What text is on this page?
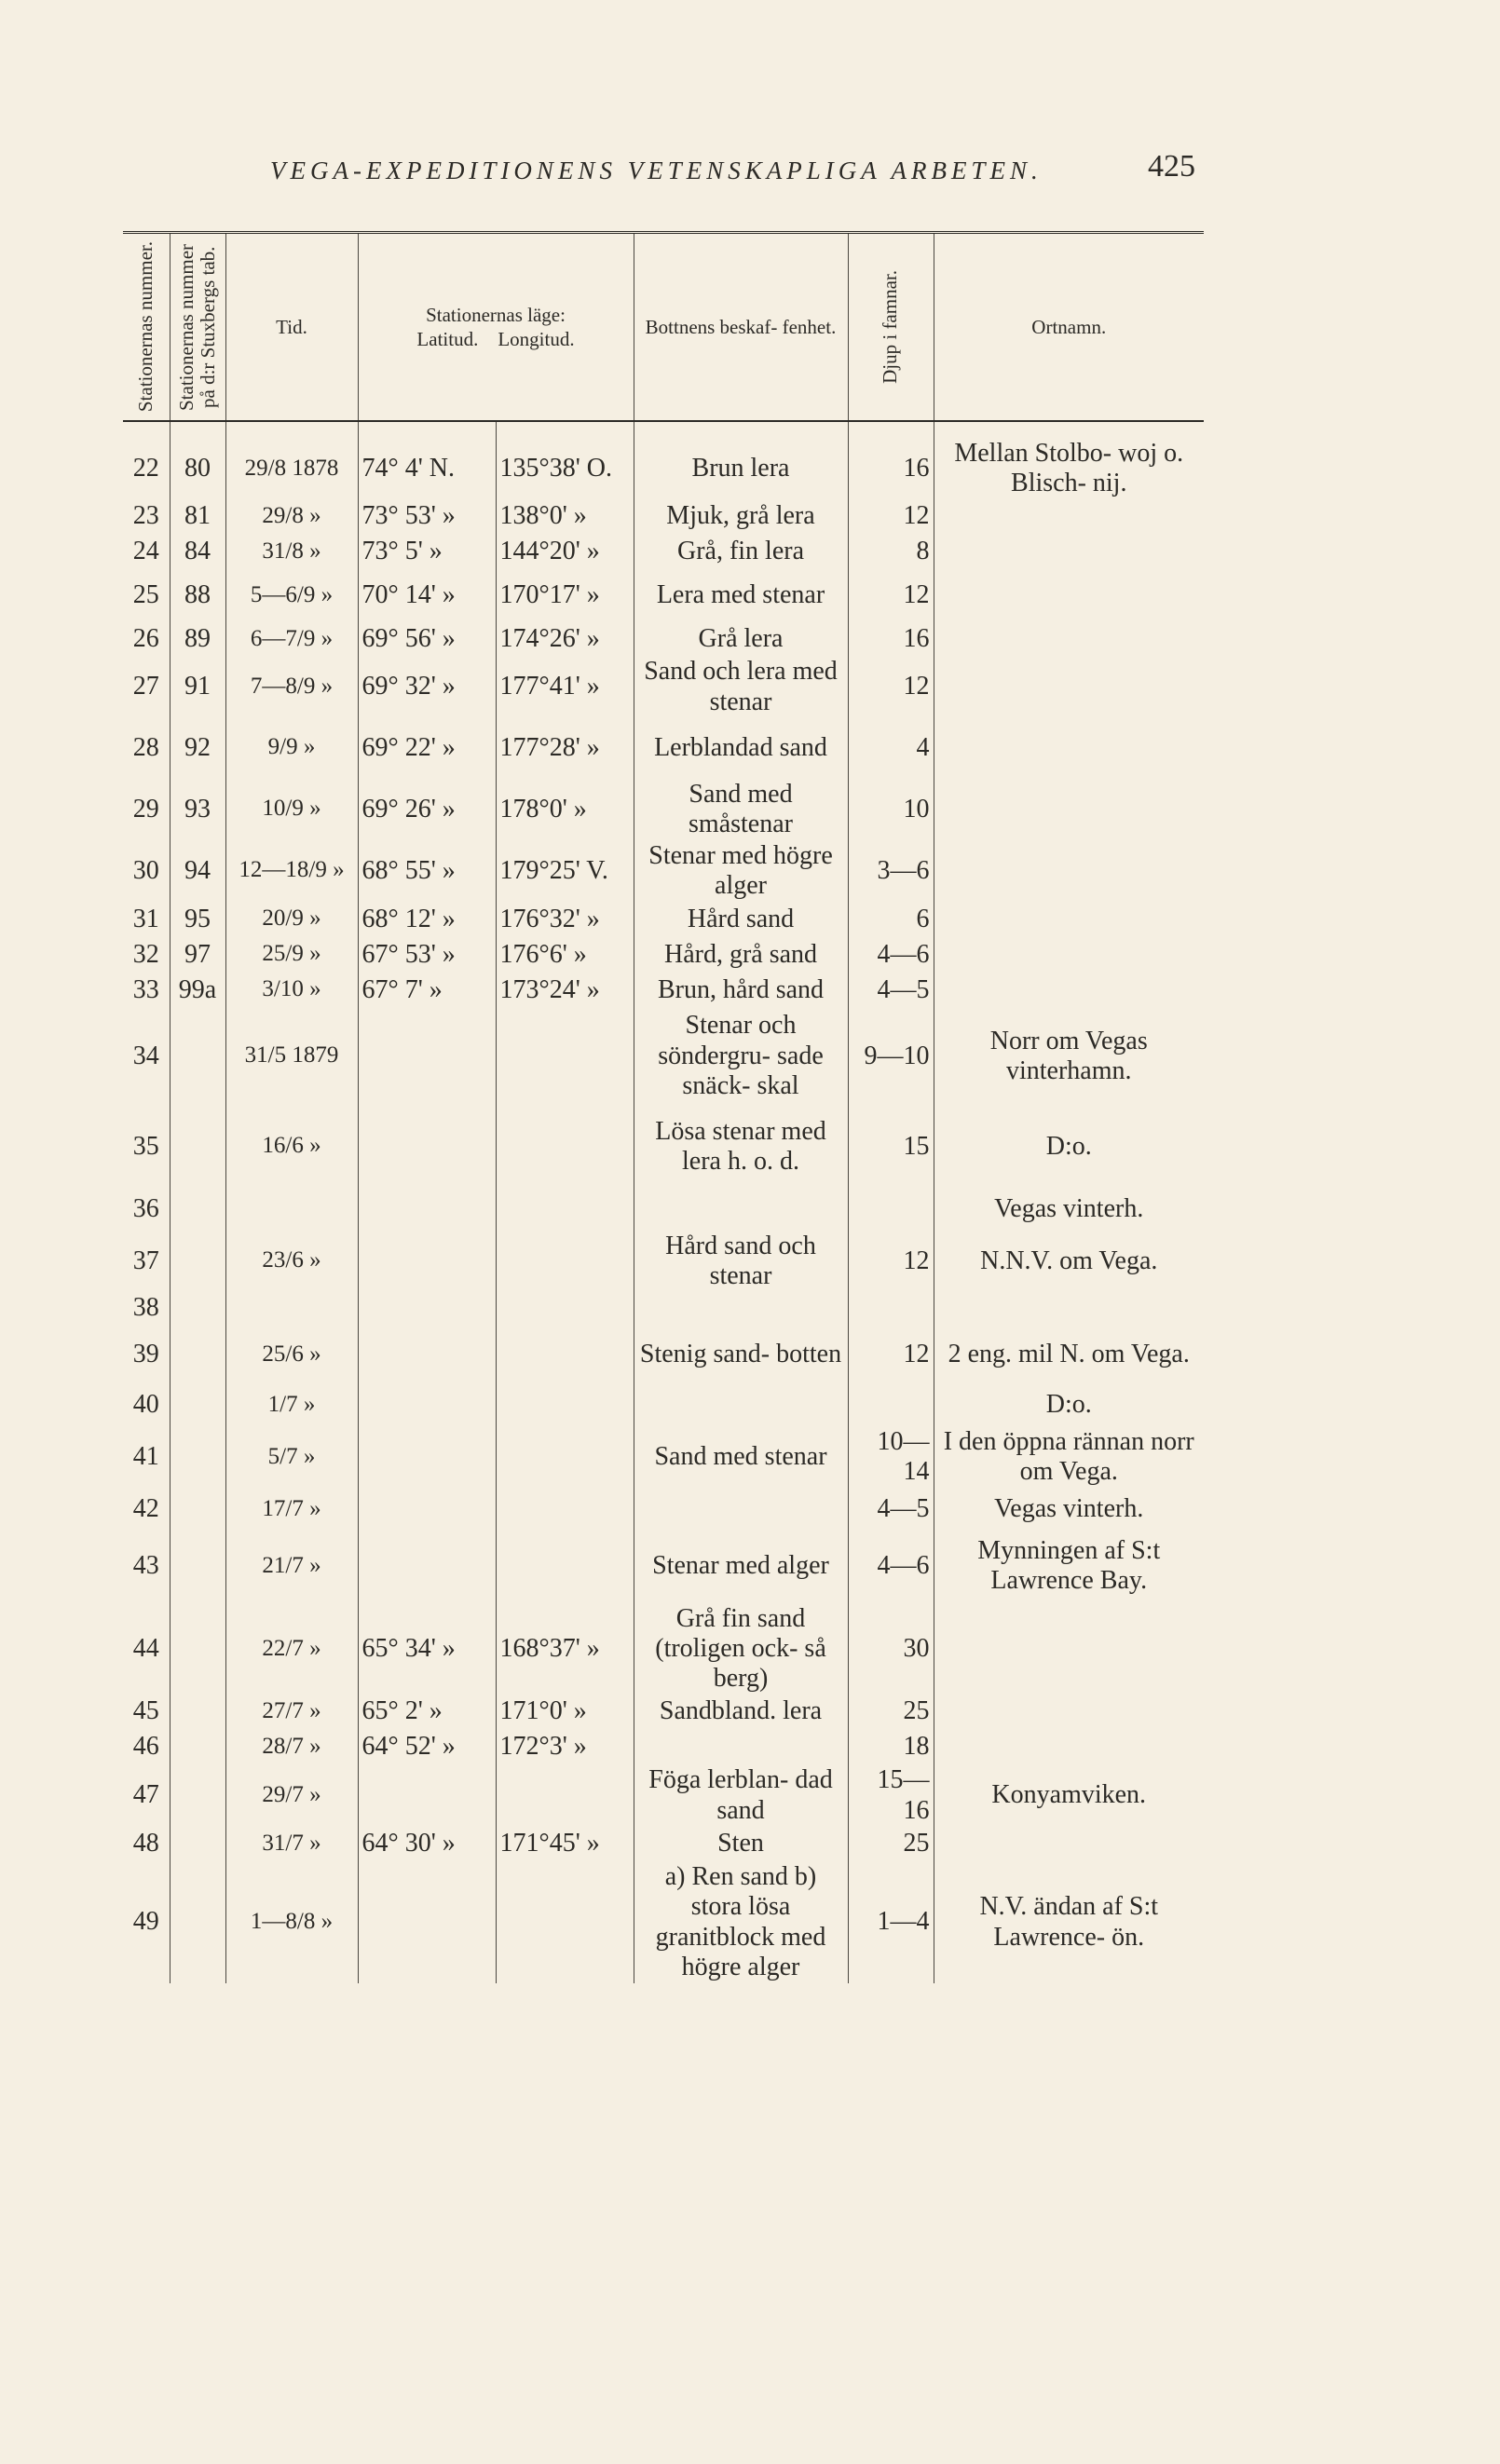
VEGA-EXPEDITIONENS VETENSKAPLIGA ARBETEN.	425
Stationernas nummer.	Stationernas nummer på d:r Stuxbergs tab.	Tid.	Stationernas läge:
Latitud. Longitud.		Bottnens beskaf- fenhet.	Djup i famnar.	Ortnamn.
22	80	29/8 1878	74° 4' N.	135°38' O.	Brun lera	16	Mellan Stolbo- woj o. Blisch- nij.
23	81	29/8 »	73° 53' »	138°0' »	Mjuk, grå lera	12	
24	84	31/8 »	73° 5' »	144°20' »	Grå, fin lera	8	
25	88	5—6/9 »	70° 14' »	170°17' »	Lera med stenar	12	
26	89	6—7/9 »	69° 56' »	174°26' »	Grå lera	16	
27	91	7—8/9 »	69° 32' »	177°41' »	Sand och lera med stenar	12	
28	92	9/9 »	69° 22' »	177°28' »	Lerblandad sand	4	
29	93	10/9 »	69° 26' »	178°0' »	Sand med småstenar	10	
30	94	12—18/9 »	68° 55' »	179°25' V.	Stenar med högre alger	3—6	
31	95	20/9 »	68° 12' »	176°32' »	Hård sand	6	
32	97	25/9 »	67° 53' »	176°6' »	Hård, grå sand	4—6	
33	99a	3/10 »	67° 7' »	173°24' »	Brun, hård sand	4—5	
34		31/5 1879			Stenar och söndergru- sade snäck- skal	9—10	Norr om Vegas vinterhamn.
35		16/6 »			Lösa stenar med lera h. o. d.	15	D:o.
36							Vegas vinterh.
37		23/6 »			Hård sand och stenar	12	N.N.V. om Vega.
38							
39		25/6 »			Stenig sand- botten	12	2 eng. mil N. om Vega.
40		1/7 »					D:o.
41		5/7 »			Sand med stenar	10—14	I den öppna rännan norr om Vega.
42		17/7 »				4—5	Vegas vinterh.
43		21/7 »			Stenar med alger	4—6	Mynningen af S:t Lawrence Bay.
44		22/7 »	65° 34' »	168°37' »	Grå fin sand (troligen ock- så berg)	30	
45		27/7 »	65° 2' »	171°0' »	Sandbland. lera	25	
46		28/7 »	64° 52' »	172°3' »		18	
47		29/7 »			Föga lerblan- dad sand	15—16	Konyamviken.
48		31/7 »	64° 30' »	171°45' »	Sten	25	
49		1—8/8 »			a) Ren sand b) stora lösa granitblock med högre alger	1—4	N.V. ändan af S:t Lawrence- ön.
